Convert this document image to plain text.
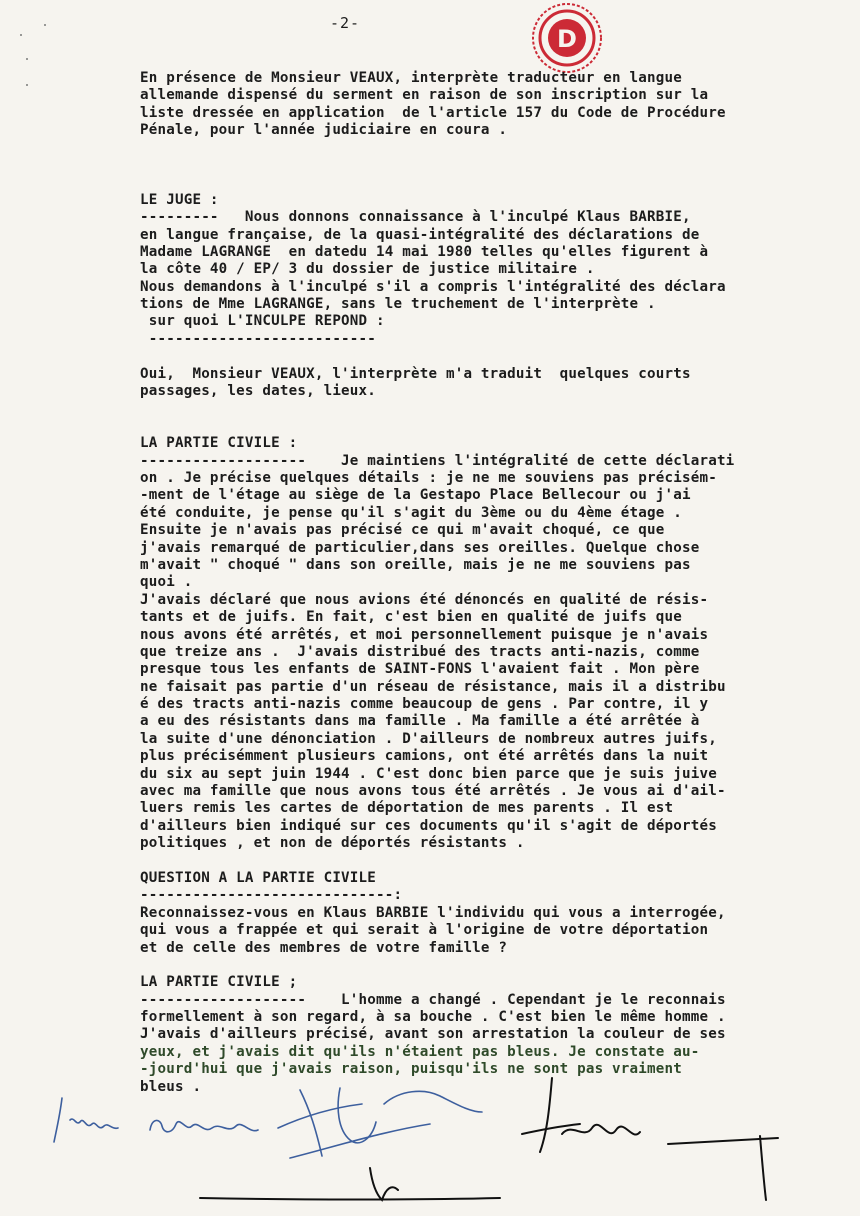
-2-
D
En présence de Monsieur VEAUX, interprète traducteur en langue
allemande dispensé du serment en raison de son inscription sur la
liste dressée en application  de l'article 157 du Code de Procédure
Pénale, pour l'année judiciaire en coura .
LE JUGE :
---------   Nous donnons connaissance à l'inculpé Klaus BARBIE,
en langue française, de la quasi-intégralité des déclarations de
Madame LAGRANGE  en datedu 14 mai 1980 telles qu'elles figurent à
la côte 40 / EP/ 3 du dossier de justice militaire .
Nous demandons à l'inculpé s'il a compris l'intégralité des déclara
tions de Mme LAGRANGE, sans le truchement de l'interprète .
sur quoi L'INCULPE REPOND :
--------------------------
Oui,  Monsieur VEAUX, l'interprète m'a traduit  quelques courts
passages, les dates, lieux.
LA PARTIE CIVILE :
-------------------    Je maintiens l'intégralité de cette déclarati
on . Je précise quelques détails : je ne me souviens pas précisém-
-ment de l'étage au siège de la Gestapo Place Bellecour ou j'ai
été conduite, je pense qu'il s'agit du 3ème ou du 4ème étage .
Ensuite je n'avais pas précisé ce qui m'avait choqué, ce que
j'avais remarqué de particulier,dans ses oreilles. Quelque chose
m'avait " choqué " dans son oreille, mais je ne me souviens pas
quoi .
J'avais déclaré que nous avions été dénoncés en qualité de résis-
tants et de juifs. En fait, c'est bien en qualité de juifs que
nous avons été arrêtés, et moi personnellement puisque je n'avais
que treize ans .  J'avais distribué des tracts anti-nazis, comme
presque tous les enfants de SAINT-FONS l'avaient fait . Mon père
ne faisait pas partie d'un réseau de résistance, mais il a distribu
é des tracts anti-nazis comme beaucoup de gens . Par contre, il y
a eu des résistants dans ma famille . Ma famille a été arrêtée à
la suite d'une dénonciation . D'ailleurs de nombreux autres juifs,
plus précisémment plusieurs camions, ont été arrêtés dans la nuit
du six au sept juin 1944 . C'est donc bien parce que je suis juive
avec ma famille que nous avons tous été arrêtés . Je vous ai d'ail-
luers remis les cartes de déportation de mes parents . Il est
d'ailleurs bien indiqué sur ces documents qu'il s'agit de déportés
politiques , et non de déportés résistants .
QUESTION A LA PARTIE CIVILE
-----------------------------:
Reconnaissez-vous en Klaus BARBIE l'individu qui vous a interrogée,
qui vous a frappée et qui serait à l'origine de votre déportation
et de celle des membres de votre famille ?
LA PARTIE CIVILE ;
-------------------    L'homme a changé . Cependant je le reconnais
formellement à son regard, à sa bouche . C'est bien le même homme .
J'avais d'ailleurs précisé, avant son arrestation la couleur de ses
yeux, et j'avais dit qu'ils n'étaient pas bleus. Je constate au-
-jourd'hui que j'avais raison, puisqu'ils ne sont pas vraiment
bleus .
